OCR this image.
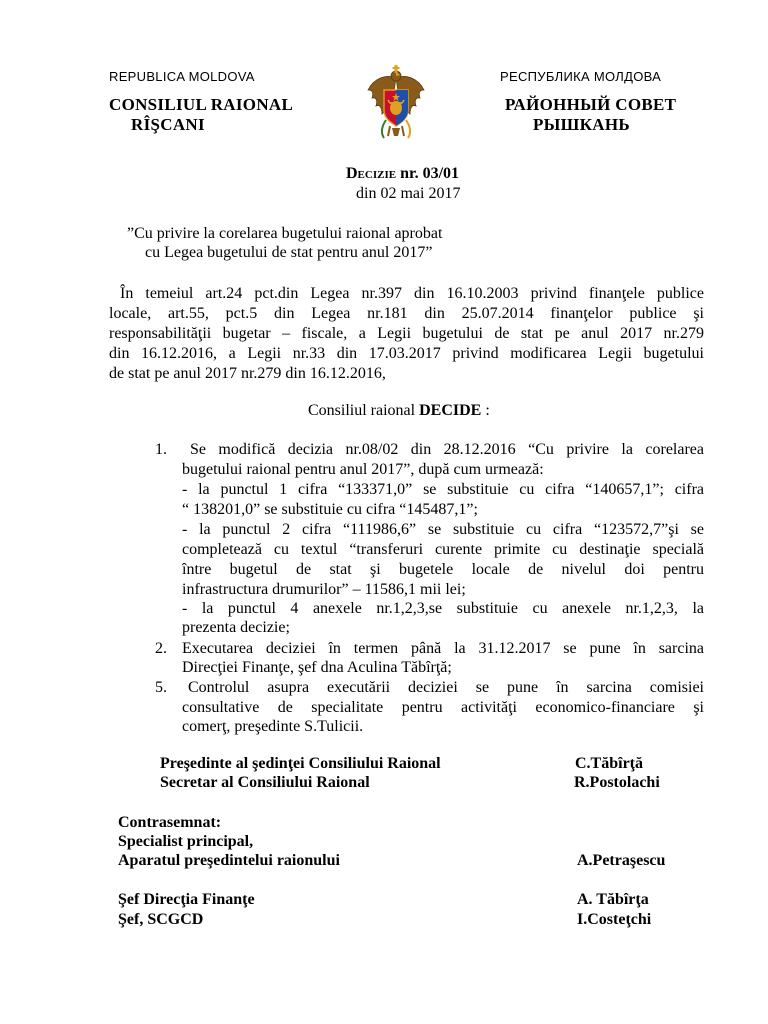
REPUBLICA MOLDOVA
CONSILIUL RAIONAL
RÎŞCANI
РЕСПУБЛИКА МОЛДОВА
РАЙОННЫЙ СОВЕТ
РЫШКАНЬ
Decizie nr. 03/01
din 02 mai 2017
”Cu privire la corelarea bugetului raional aprobat
cu Legea bugetului de stat pentru anul 2017”
În temeiul art.24 pct.din Legea nr.397 din 16.10.2003 privind finanţele publice
locale, art.55, pct.5 din Legea nr.181 din 25.07.2014 finanţelor publice şi
responsabilităţii bugetar – fiscale, a Legii bugetului de stat pe anul 2017 nr.279
din 16.12.2016, a Legii nr.33 din 17.03.2017 privind modificarea Legii bugetului
de stat pe anul 2017 nr.279 din 16.12.2016,
Consiliul raional DECIDE :
1. Se modifică decizia nr.08/02 din 28.12.2016 “Cu privire la corelarea
bugetului raional pentru anul 2017”, după cum urmează:
- la punctul 1 cifra “133371,0” se substituie cu cifra “140657,1”; cifra
“ 138201,0” se substituie cu cifra “145487,1”;
- la punctul 2 cifra “111986,6” se substituie cu cifra “123572,7”şi se
completează cu textul “transferuri curente primite cu destinaţie specială
între bugetul de stat şi bugetele locale de nivelul doi pentru
infrastructura drumurilor” – 11586,1 mii lei;
- la punctul 4 anexele nr.1,2,3,se substituie cu anexele nr.1,2,3, la
prezenta decizie;
2. Executarea deciziei în termen până la 31.12.2017 se pune în sarcina
Direcţiei Finanţe, şef dna Aculina Tăbîrţă;
5. Controlul asupra executării deciziei se pune în sarcina comisiei
consultative de specialitate pentru activităţi economico-financiare şi
comerţ, preşedinte S.Tulicii.
Preşedinte al şedinţei Consiliului Raional	C.Tăbîrţă
Secretar al Consiliului Raional	R.Postolachi
Contrasemnat:
Specialist principal,
Aparatul preşedintelui raionului	A.Petraşescu
Şef Direcţia Finanţe	A. Tăbîrţa
Şef, SCGCD	I.Costeţchi
